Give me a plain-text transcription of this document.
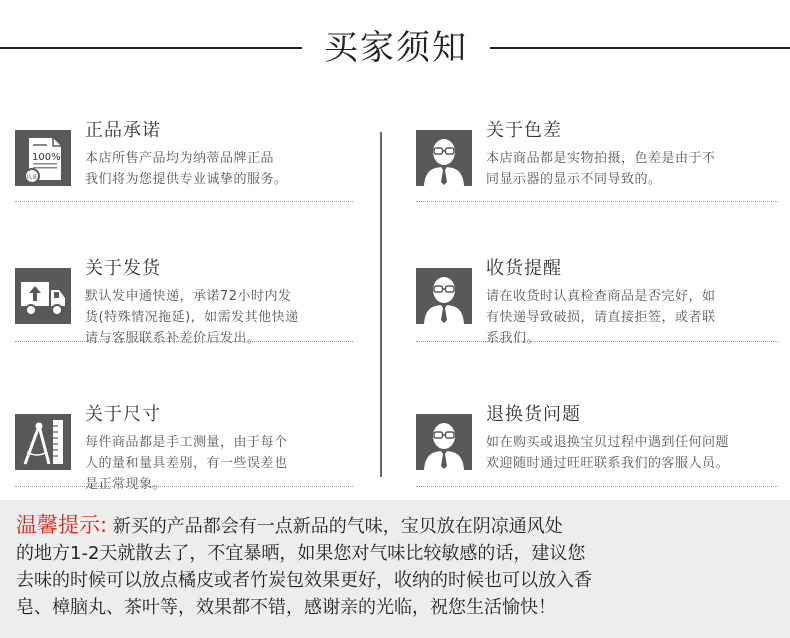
买家须知
100%
认证
正品承诺
本店所售产品均为纳蒂品牌正品
我们将为您提供专业诚挚的服务。
关于色差
本店商品都是实物拍摄，色差是由于不
同显示器的显示不同导致的。
关于发货
默认发申通快递，承诺72小时内发
货(特殊情况拖延)，如需发其他快递
请与客服联系补差价后发出。
收货提醒
请在收货时认真检查商品是否完好，如
有快递导致破损，请直接拒签，或者联
系我们。
关于尺寸
每件商品都是手工测量，由于每个
人的量和量具差别，有一些误差也
是正常现象。
退换货问题
如在购买或退换宝贝过程中遇到任何问题
欢迎随时通过旺旺联系我们的客服人员。
温馨提示: 新买的产品都会有一点新品的气味，宝贝放在阴凉通风处
的地方1-2天就散去了，不宜暴晒，如果您对气味比较敏感的话，建议您
去味的时候可以放点橘皮或者竹炭包效果更好，收纳的时候也可以放入香
皂、樟脑丸、茶叶等，效果都不错，感谢亲的光临，祝您生活愉快！
